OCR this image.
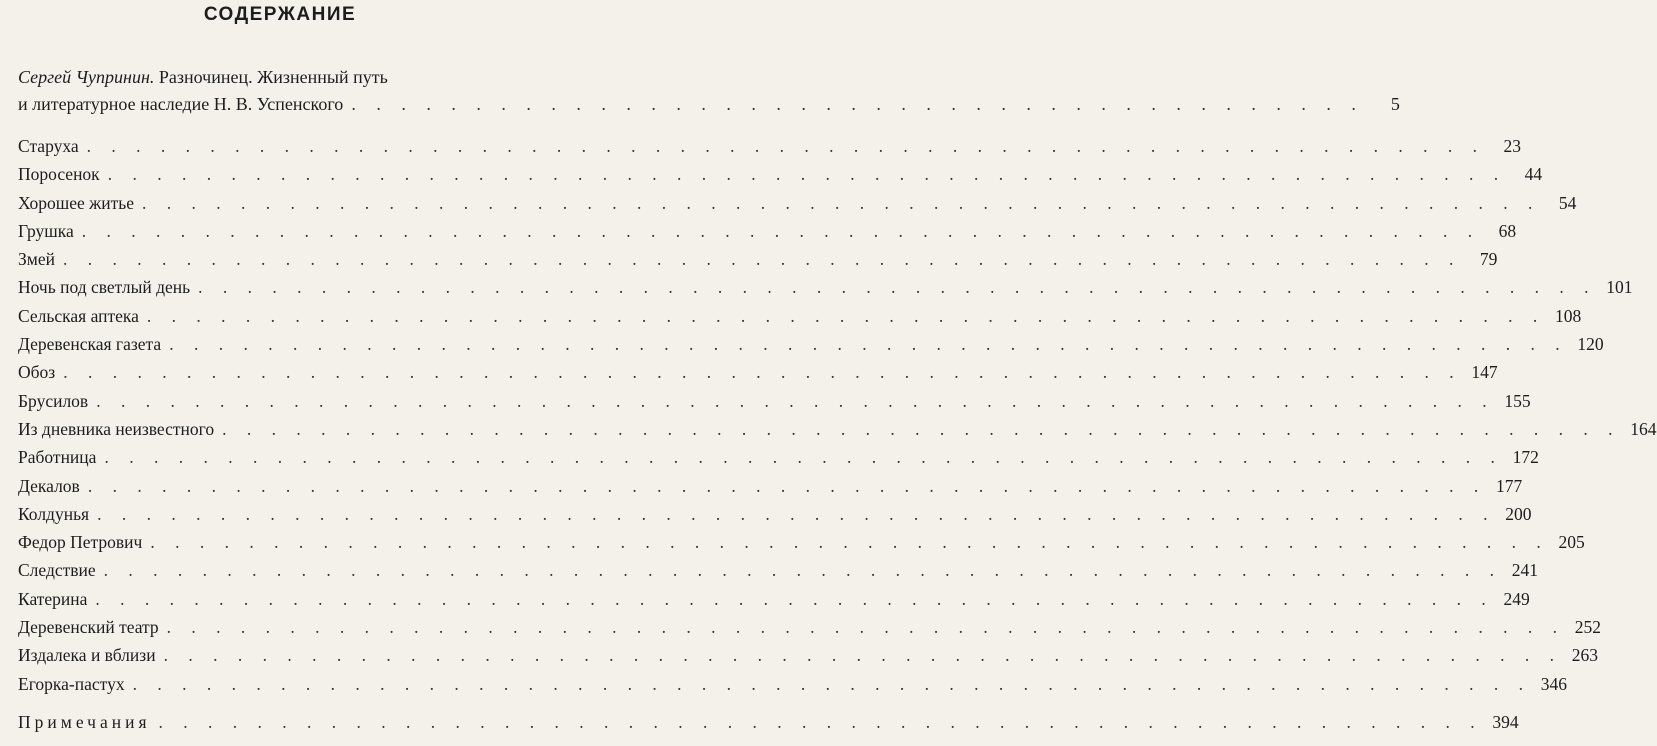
СОДЕРЖАНИЕ
Сергей Чупринин.
Разночинец. Жизненный путь
и литературное наследие Н. В. Успенского . . . . . . . . . . . . . . . . . . . . . . . . . . . . . . . . . . . . . . . . .	5
Старуха . . . . . . . . . . . . . . . . . . . . . . . . . . . . . . . . . . . . . . . . . . . . . . . . . . . . . . . . .	23
Поросенок . . . . . . . . . . . . . . . . . . . . . . . . . . . . . . . . . . . . . . . . . . . . . . . . . . . . . . . . .	44
Хорошее житье . . . . . . . . . . . . . . . . . . . . . . . . . . . . . . . . . . . . . . . . . . . . . . . . . . . . . . . . .	54
Грушка . . . . . . . . . . . . . . . . . . . . . . . . . . . . . . . . . . . . . . . . . . . . . . . . . . . . . . . . .	68
Змей . . . . . . . . . . . . . . . . . . . . . . . . . . . . . . . . . . . . . . . . . . . . . . . . . . . . . . . . .	79
Ночь под светлый день . . . . . . . . . . . . . . . . . . . . . . . . . . . . . . . . . . . . . . . . . . . . . . . . . . . . . . . . . 101
Сельская аптека . . . . . . . . . . . . . . . . . . . . . . . . . . . . . . . . . . . . . . . . . . . . . . . . . . . . . . . . . 108
Деревенская газета . . . . . . . . . . . . . . . . . . . . . . . . . . . . . . . . . . . . . . . . . . . . . . . . . . . . . . . . . 120
Обоз . . . . . . . . . . . . . . . . . . . . . . . . . . . . . . . . . . . . . . . . . . . . . . . . . . . . . . . . . 147
Брусилов . . . . . . . . . . . . . . . . . . . . . . . . . . . . . . . . . . . . . . . . . . . . . . . . . . . . . . . . . 155
Из дневника неизвестного . . . . . . . . . . . . . . . . . . . . . . . . . . . . . . . . . . . . . . . . . . . . . . . . . . . . . . . . . 164
Работница . . . . . . . . . . . . . . . . . . . . . . . . . . . . . . . . . . . . . . . . . . . . . . . . . . . . . . . . . 172
Декалов . . . . . . . . . . . . . . . . . . . . . . . . . . . . . . . . . . . . . . . . . . . . . . . . . . . . . . . . . 177
Колдунья . . . . . . . . . . . . . . . . . . . . . . . . . . . . . . . . . . . . . . . . . . . . . . . . . . . . . . . . . 200
Федор Петрович . . . . . . . . . . . . . . . . . . . . . . . . . . . . . . . . . . . . . . . . . . . . . . . . . . . . . . . . . 205
Следствие . . . . . . . . . . . . . . . . . . . . . . . . . . . . . . . . . . . . . . . . . . . . . . . . . . . . . . . . . 241
Катерина . . . . . . . . . . . . . . . . . . . . . . . . . . . . . . . . . . . . . . . . . . . . . . . . . . . . . . . . . 249
Деревенский театр . . . . . . . . . . . . . . . . . . . . . . . . . . . . . . . . . . . . . . . . . . . . . . . . . . . . . . . . . 252
Издалека и вблизи . . . . . . . . . . . . . . . . . . . . . . . . . . . . . . . . . . . . . . . . . . . . . . . . . . . . . . . . . 263
Егорка-пастух . . . . . . . . . . . . . . . . . . . . . . . . . . . . . . . . . . . . . . . . . . . . . . . . . . . . . . . . . 346
Примечания . . . . . . . . . . . . . . . . . . . . . . . . . . . . . . . . . . . . . . . . . . . . . . . . . . . . . . 394
